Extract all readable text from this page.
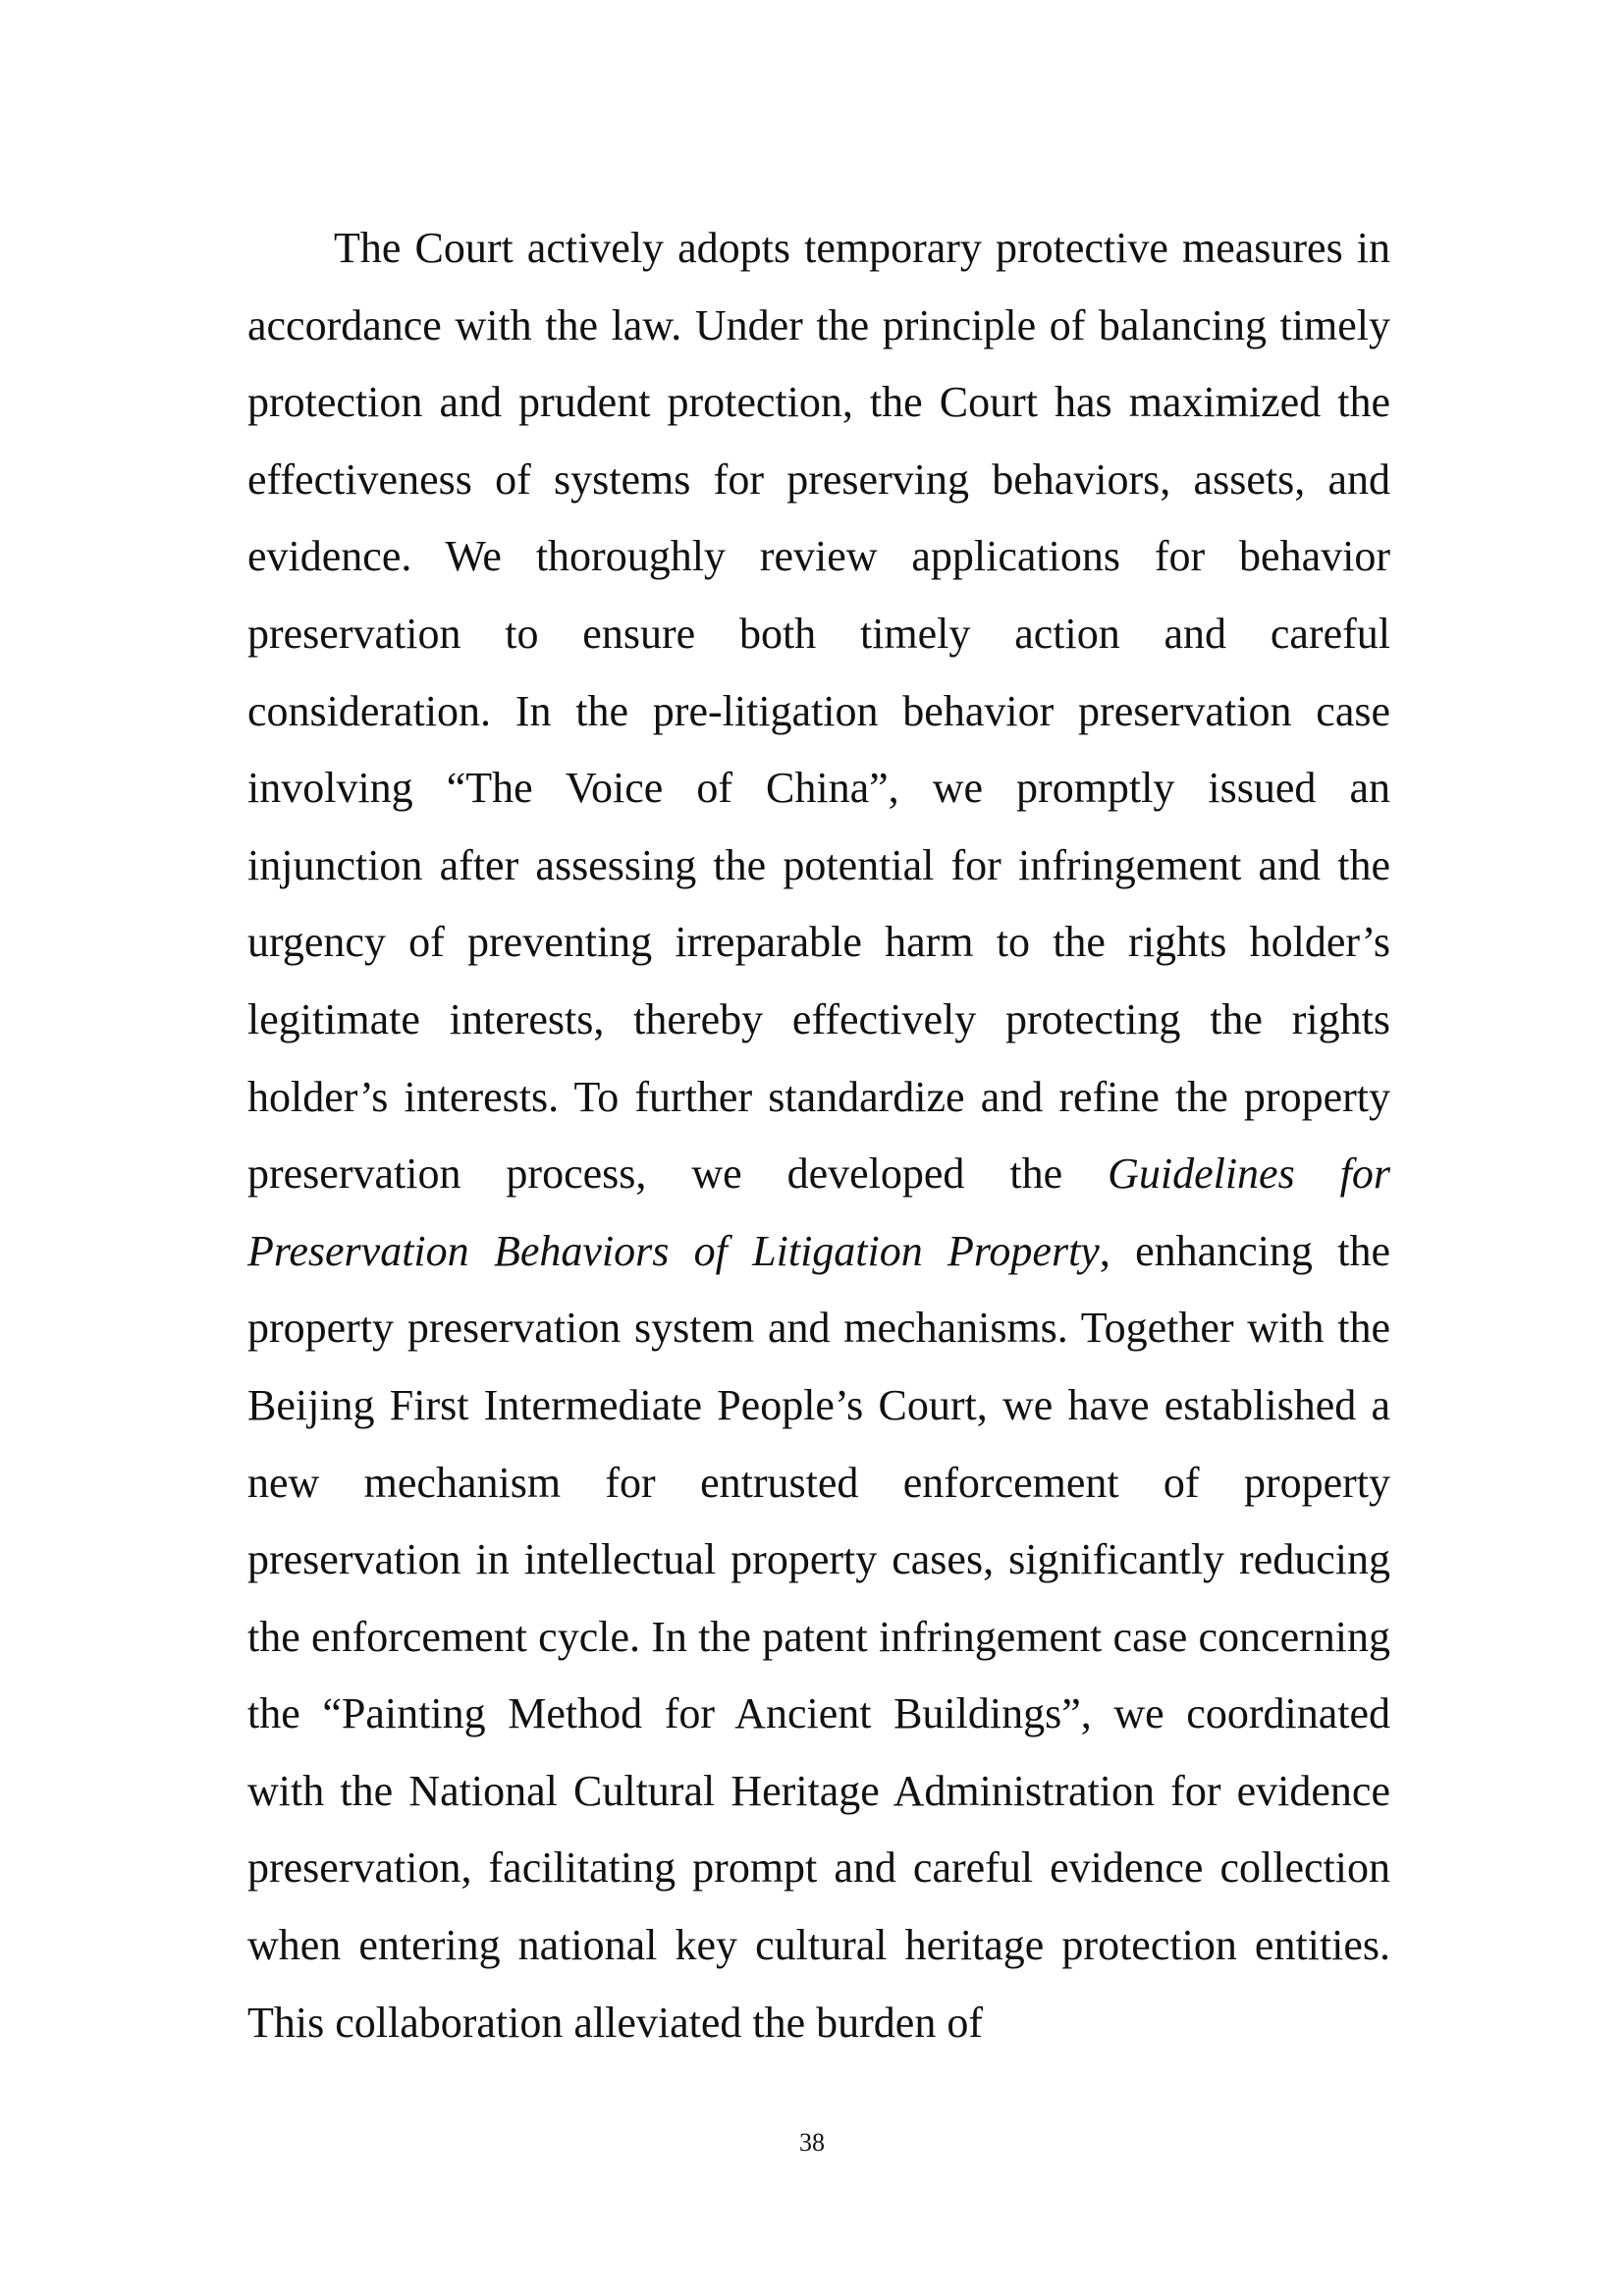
The Court actively adopts temporary protective measures in accordance with the law. Under the principle of balancing timely protection and prudent protection, the Court has maximized the effectiveness of systems for preserving behaviors, assets, and evidence. We thoroughly review applications for behavior preservation to ensure both timely action and careful consideration. In the pre-litigation behavior preservation case involving “The Voice of China”, we promptly issued an injunction after assessing the potential for infringement and the urgency of preventing irreparable harm to the rights holder’s legitimate interests, thereby effectively protecting the rights holder’s interests. To further standardize and refine the property preservation process, we developed the Guidelines for Preservation Behaviors of Litigation Property, enhancing the property preservation system and mechanisms. Together with the Beijing First Intermediate People’s Court, we have established a new mechanism for entrusted enforcement of property preservation in intellectual property cases, significantly reducing the enforcement cycle. In the patent infringement case concerning the “Painting Method for Ancient Buildings”, we coordinated with the National Cultural Heritage Administration for evidence preservation, facilitating prompt and careful evidence collection when entering national key cultural heritage protection entities. This collaboration alleviated the burden of

38
